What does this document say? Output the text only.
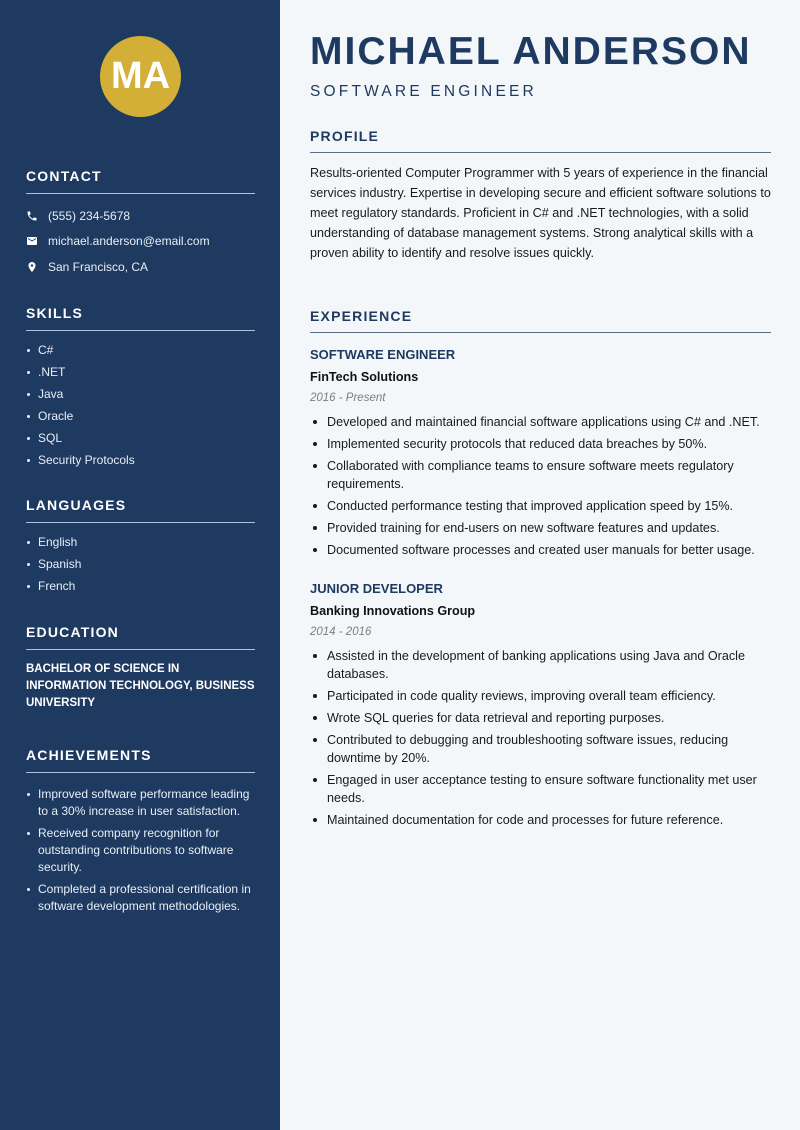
MA
CONTACT
(555) 234-5678
michael.anderson@email.com
San Francisco, CA
SKILLS
C#
.NET
Java
Oracle
SQL
Security Protocols
LANGUAGES
English
Spanish
French
EDUCATION

BACHELOR OF SCIENCE IN INFORMATION TECHNOLOGY, BUSINESS UNIVERSITY

ACHIEVEMENTS
Improved software performance leading to a 30% increase in user satisfaction.
Received company recognition for outstanding contributions to software security.
Completed a professional certification in software development methodologies.
MICHAEL ANDERSON
SOFTWARE ENGINEER
PROFILE

Results-oriented Computer Programmer with 5 years of experience in the financial services industry. Expertise in developing secure and efficient software solutions to meet regulatory standards. Proficient in C# and .NET technologies, with a solid understanding of database management systems. Strong analytical skills with a proven ability to identify and resolve issues quickly.

EXPERIENCE
SOFTWARE ENGINEER
FinTech Solutions
2016 - Present
Developed and maintained financial software applications using C# and .NET.
Implemented security protocols that reduced data breaches by 50%.
Collaborated with compliance teams to ensure software meets regulatory requirements.
Conducted performance testing that improved application speed by 15%.
Provided training for end-users on new software features and updates.
Documented software processes and created user manuals for better usage.
JUNIOR DEVELOPER
Banking Innovations Group
2014 - 2016
Assisted in the development of banking applications using Java and Oracle databases.
Participated in code quality reviews, improving overall team efficiency.
Wrote SQL queries for data retrieval and reporting purposes.
Contributed to debugging and troubleshooting software issues, reducing downtime by 20%.
Engaged in user acceptance testing to ensure software functionality met user needs.
Maintained documentation for code and processes for future reference.
